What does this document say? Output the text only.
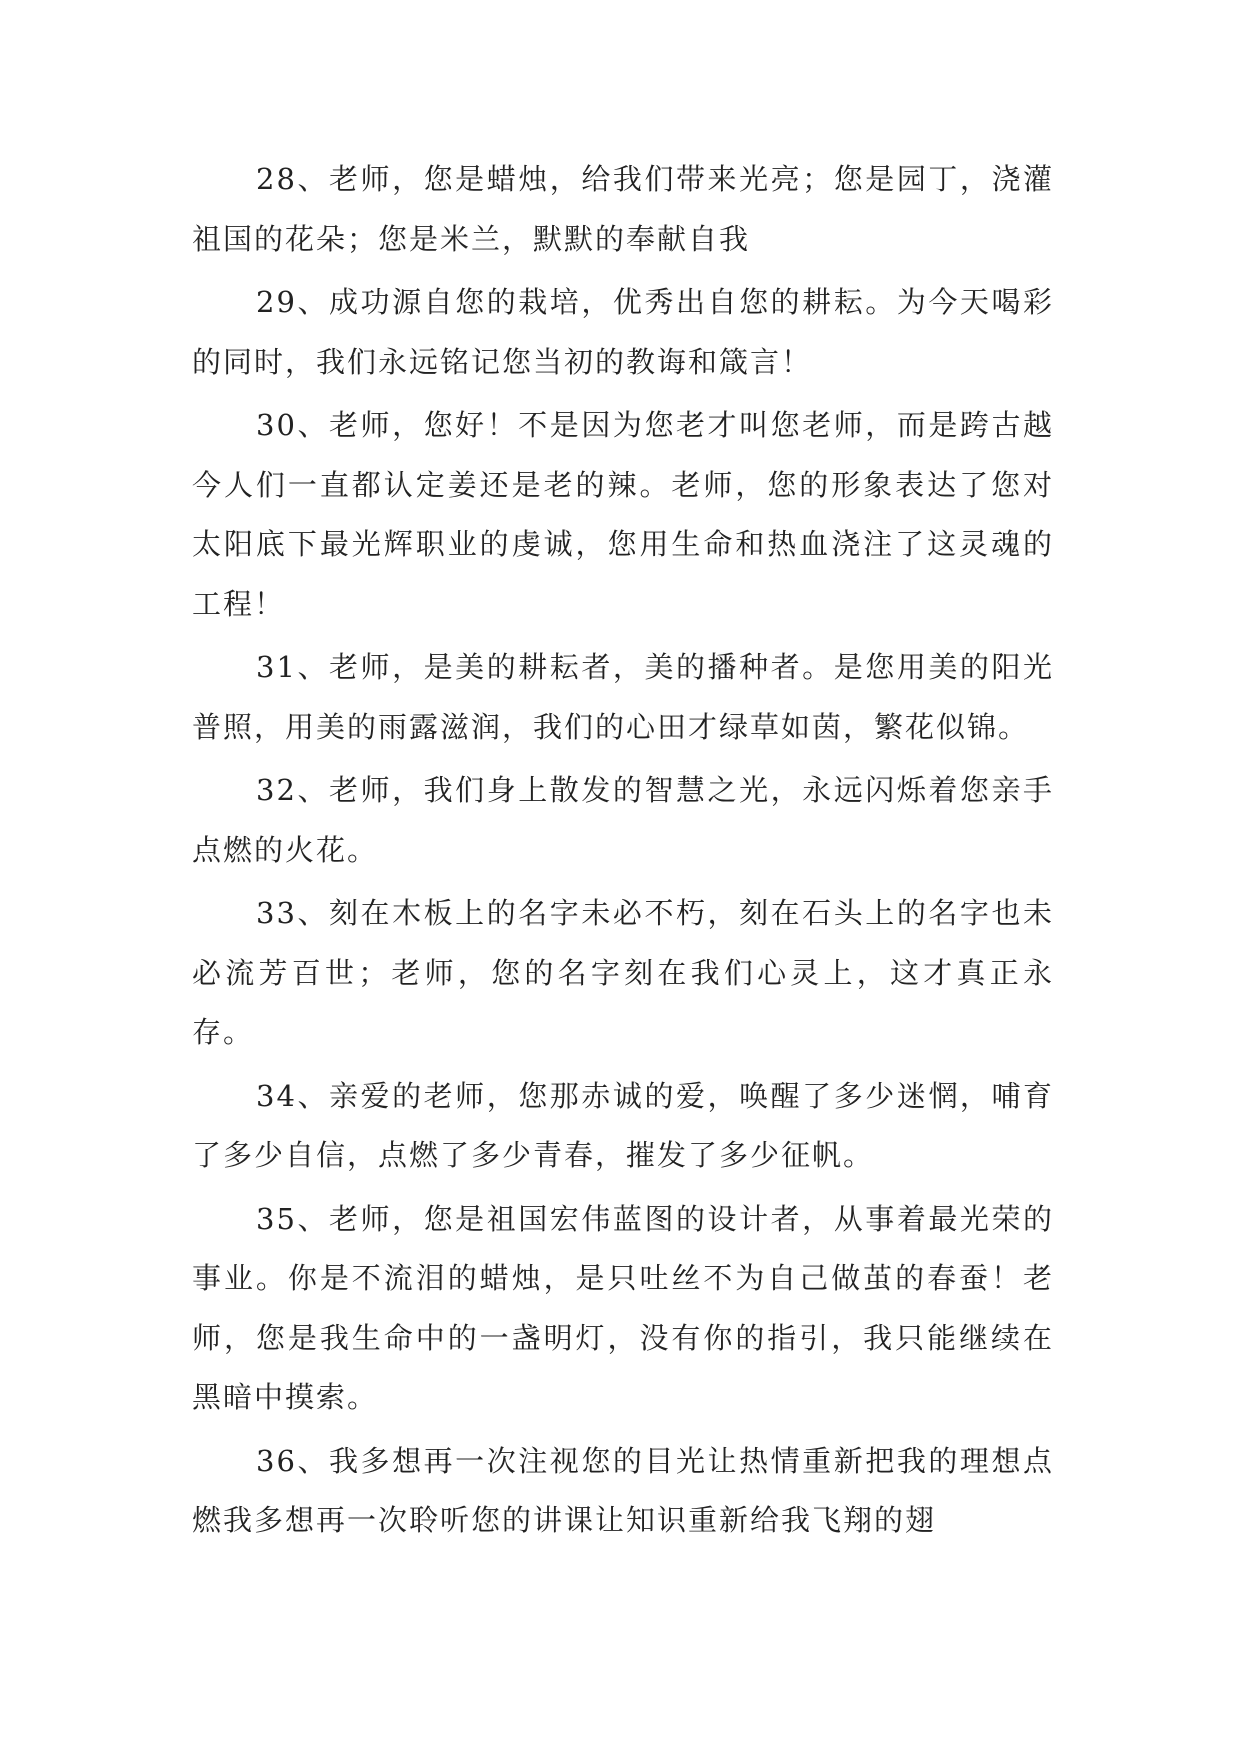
28、老师，您是蜡烛，给我们带来光亮；您是园丁，浇灌祖国的花朵；您是米兰，默默的奉献自我

29、成功源自您的栽培，优秀出自您的耕耘。为今天喝彩的同时，我们永远铭记您当初的教诲和箴言！

30、老师，您好！不是因为您老才叫您老师，而是跨古越今人们一直都认定姜还是老的辣。老师，您的形象表达了您对太阳底下最光辉职业的虔诚，您用生命和热血浇注了这灵魂的工程！

31、老师，是美的耕耘者，美的播种者。是您用美的阳光普照，用美的雨露滋润，我们的心田才绿草如茵，繁花似锦。

32、老师，我们身上散发的智慧之光，永远闪烁着您亲手点燃的火花。

33、刻在木板上的名字未必不朽，刻在石头上的名字也未必流芳百世；老师，您的名字刻在我们心灵上，这才真正永存。

34、亲爱的老师，您那赤诚的爱，唤醒了多少迷惘，哺育了多少自信，点燃了多少青春，摧发了多少征帆。

35、老师，您是祖国宏伟蓝图的设计者，从事着最光荣的事业。你是不流泪的蜡烛，是只吐丝不为自己做茧的春蚕！老师，您是我生命中的一盏明灯，没有你的指引，我只能继续在黑暗中摸索。

36、我多想再一次注视您的目光让热情重新把我的理想点燃我多想再一次聆听您的讲课让知识重新给我飞翔的翅
